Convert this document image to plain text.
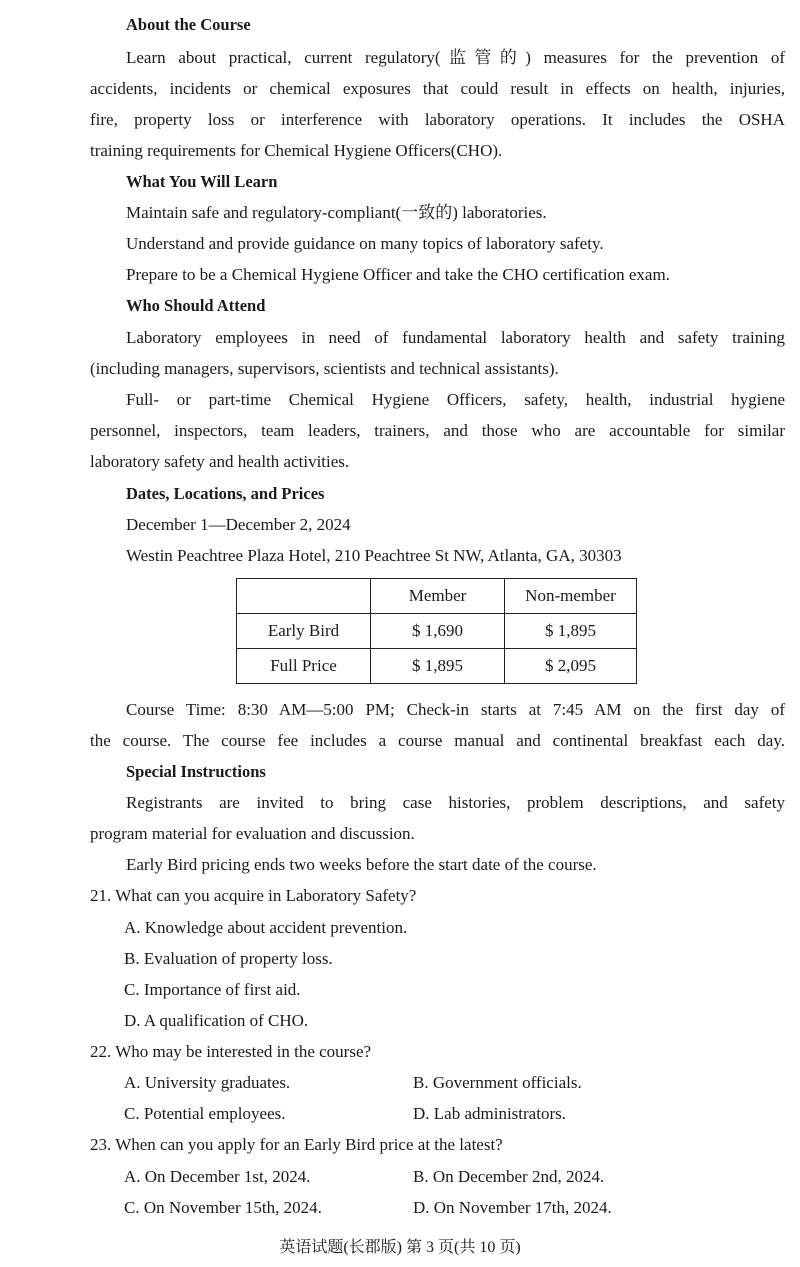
About the Course
Learn about practical, current regulatory(监管的) measures for the prevention of
accidents, incidents or chemical exposures that could result in effects on health, injuries,
fire, property loss or interference with laboratory operations. It includes the OSHA
training requirements for Chemical Hygiene Officers(CHO).
What You Will Learn
Maintain safe and regulatory-compliant(一致的) laboratories.
Understand and provide guidance on many topics of laboratory safety.
Prepare to be a Chemical Hygiene Officer and take the CHO certification exam.
Who Should Attend
Laboratory employees in need of fundamental laboratory health and safety training
(including managers, supervisors, scientists and technical assistants).
Full- or part-time Chemical Hygiene Officers, safety, health, industrial hygiene
personnel, inspectors, team leaders, trainers, and those who are accountable for similar
laboratory safety and health activities.
Dates, Locations, and Prices
December 1—December 2, 2024
Westin Peachtree Plaza Hotel, 210 Peachtree St NW, Atlanta, GA, 30303
	Member	Non-member
Early Bird	$ 1,690	$ 1,895
Full Price	$ 1,895	$ 2,095
Course Time: 8:30 AM—5:00 PM; Check-in starts at 7:45 AM on the first day of
the course. The course fee includes a course manual and continental breakfast each day.
Special Instructions
Registrants are invited to bring case histories, problem descriptions, and safety
program material for evaluation and discussion.
Early Bird pricing ends two weeks before the start date of the course.
21. What can you acquire in Laboratory Safety?
A. Knowledge about accident prevention.
B. Evaluation of property loss.
C. Importance of first aid.
D. A qualification of CHO.
22. Who may be interested in the course?
A. University graduates.	B. Government officials.
C. Potential employees.	D. Lab administrators.
23. When can you apply for an Early Bird price at the latest?
A. On December 1st, 2024.	B. On December 2nd, 2024.
C. On November 15th, 2024.	D. On November 17th, 2024.
英语试题(长郡版) 第 3 页(共 10 页)
